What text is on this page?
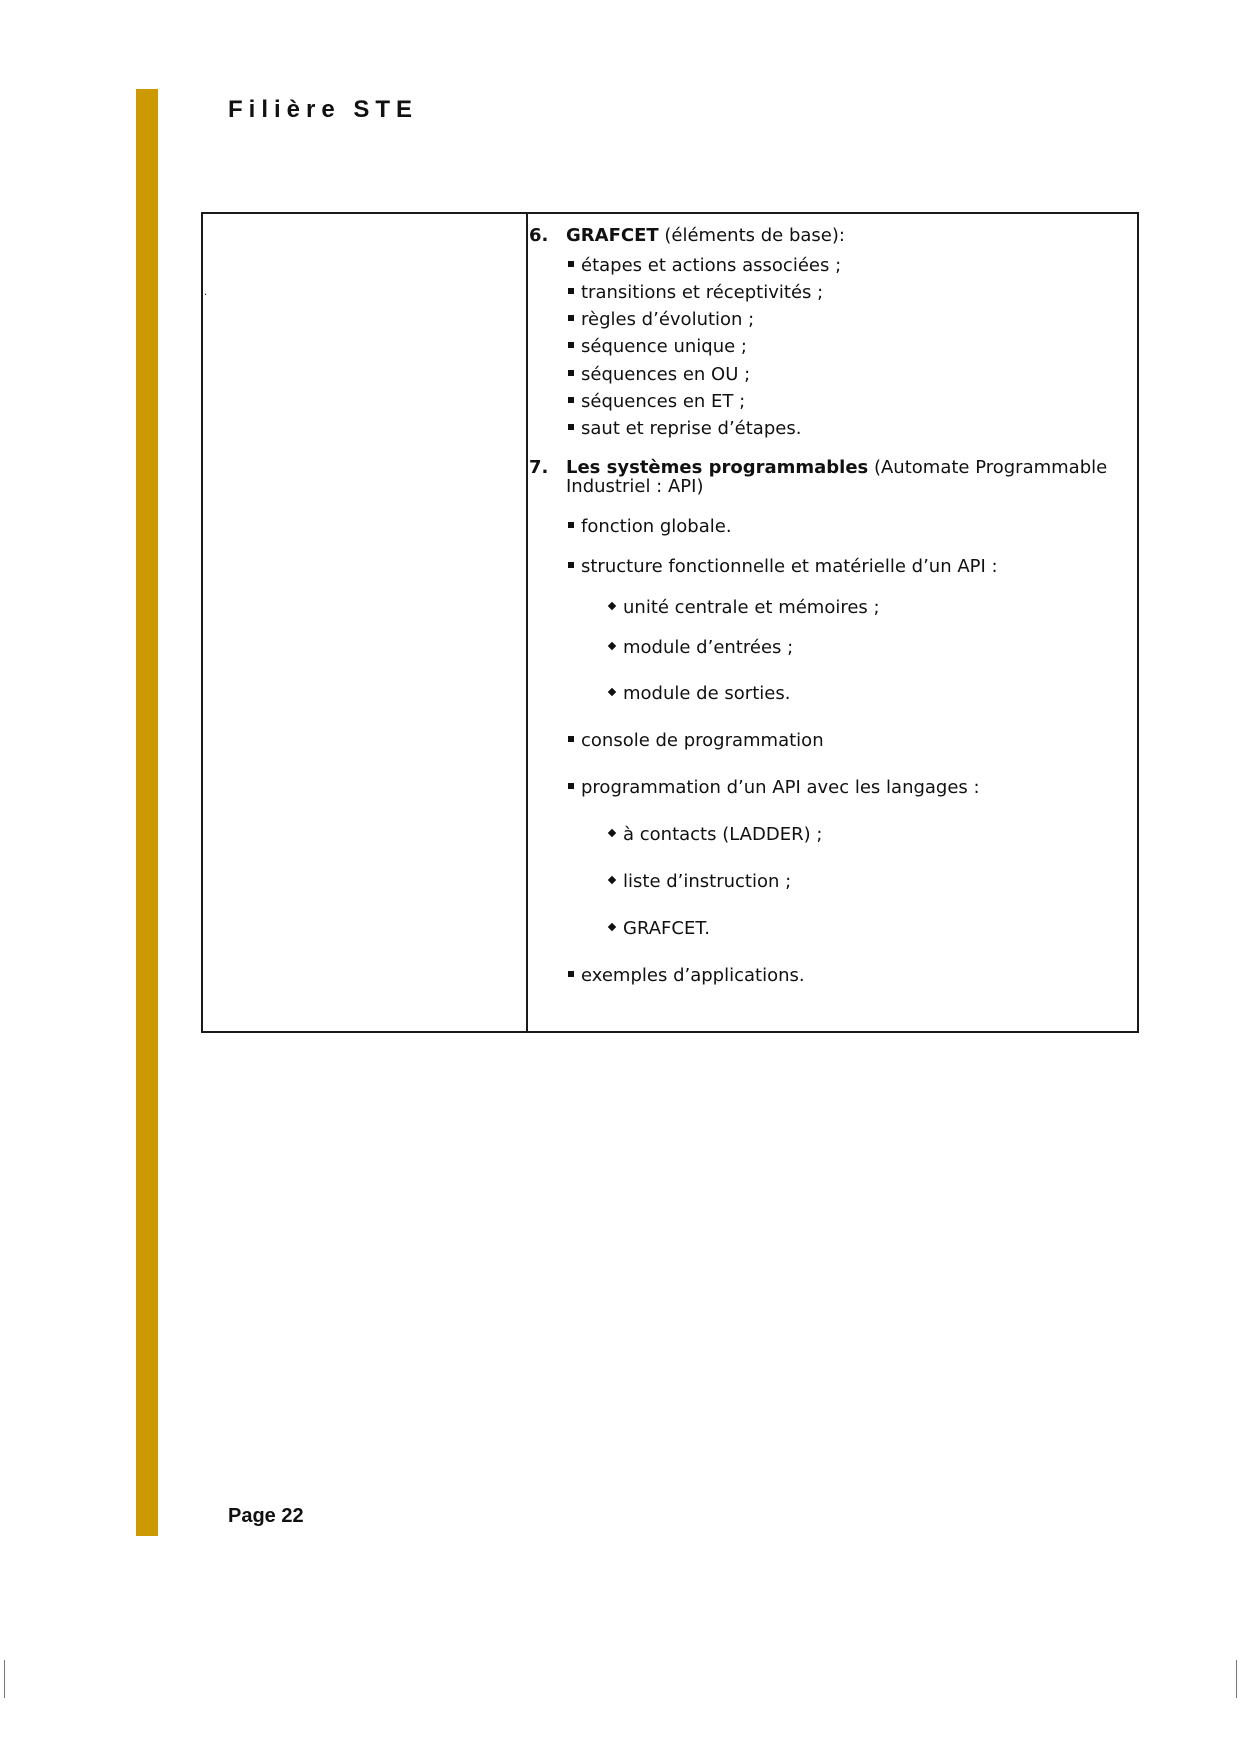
Filière STE
.
6. GRAFCET (éléments de base):
étapes et actions associées ;
transitions et réceptivités ;
règles d’évolution ;
séquence unique ;
séquences en OU ;
séquences en ET ;
saut et reprise d’étapes.
7. Les systèmes programmables (Automate Programmable
Industriel : API)
fonction globale.
structure fonctionnelle et matérielle d’un API :
unité centrale et mémoires ;
module d’entrées ;
module de sorties.
console de programmation
programmation d’un API avec les langages :
à contacts (LADDER) ;
liste d’instruction ;
GRAFCET.
exemples d’applications.
Page 22
